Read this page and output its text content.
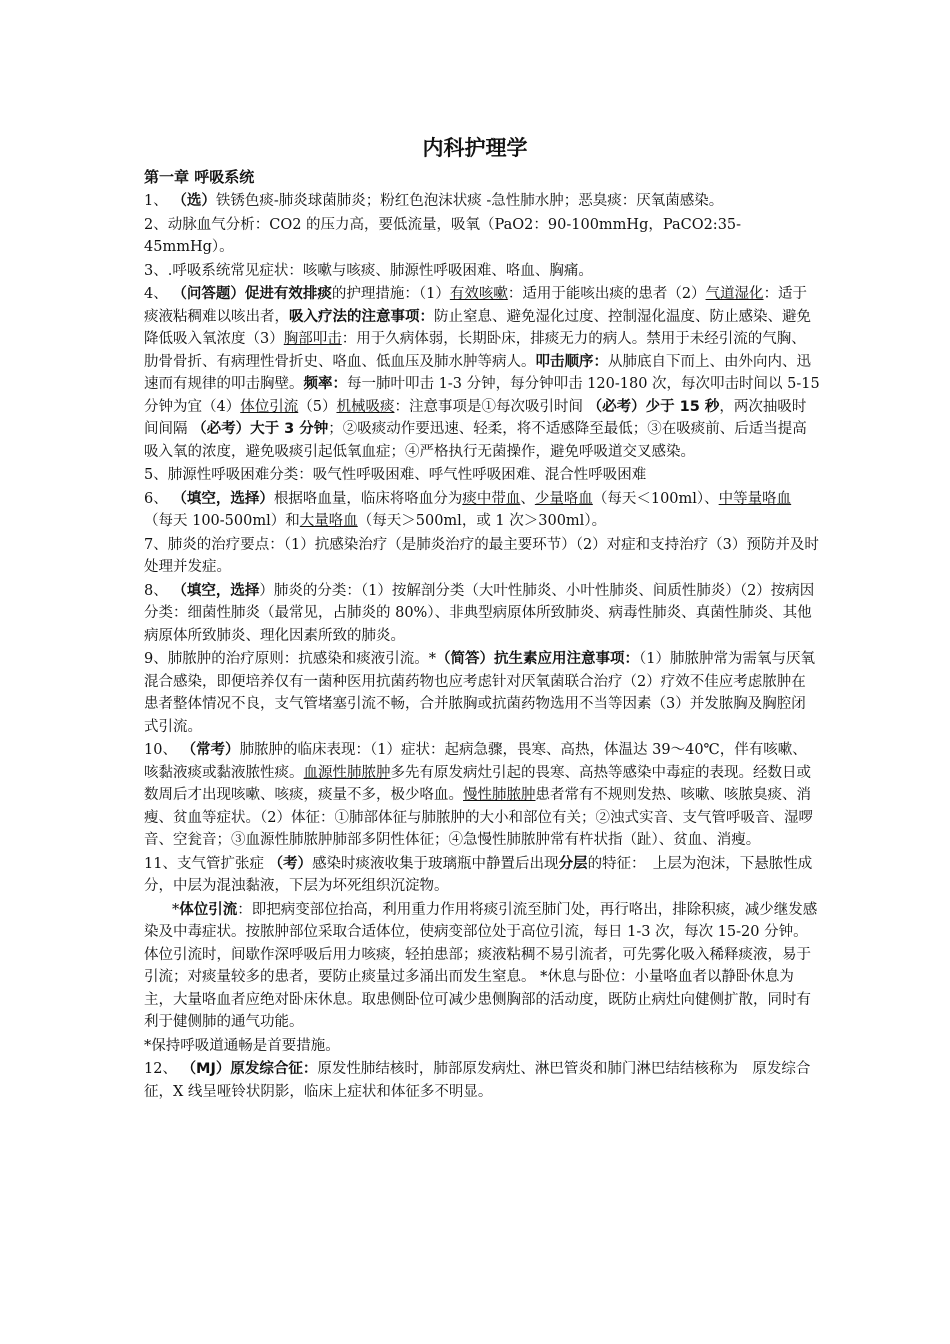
内科护理学
第一章 呼吸系统

1、 （选）铁锈色痰-肺炎球菌肺炎；粉红色泡沫状痰 -急性肺水肿；恶臭痰：厌氧菌感染。

2、动脉血气分析：CO2 的压力高，要低流量，吸氧（PaO2：90-100mmHg，PaCO2:35-45mmHg）。

3、.呼吸系统常见症状：咳嗽与咳痰、肺源性呼吸困难、咯血、胸痛。

4、 （问答题）促进有效排痰的护理措施：（1）有效咳嗽：适用于能咳出痰的患者（2）气道湿化：适于痰液粘稠难以咳出者，吸入疗法的注意事项：防止窒息、避免湿化过度、控制湿化温度、防止感染、避免降低吸入氧浓度（3）胸部叩击：用于久病体弱，长期卧床，排痰无力的病人。禁用于未经引流的气胸、肋骨骨折、有病理性骨折史、咯血、低血压及肺水肿等病人。叩击顺序：从肺底自下而上、由外向内、迅速而有规律的叩击胸壁。频率：每一肺叶叩击 1-3 分钟，每分钟叩击 120-180 次，每次叩击时间以 5-15 分钟为宜（4）体位引流（5）机械吸痰：注意事项是①每次吸引时间 （必考）少于 15 秒，两次抽吸时间间隔 （必考）大于 3 分钟；②吸痰动作要迅速、轻柔，将不适感降至最低；③在吸痰前、后适当提高吸入氧的浓度，避免吸痰引起低氧血症；④严格执行无菌操作，避免呼吸道交叉感染。

5、肺源性呼吸困难分类：吸气性呼吸困难、呼气性呼吸困难、混合性呼吸困难

6、 （填空，选择）根据咯血量，临床将咯血分为痰中带血、少量咯血（每天＜100ml）、中等量咯血（每天 100-500ml）和大量咯血（每天＞500ml，或 1 次＞300ml）。

7、肺炎的治疗要点：（1）抗感染治疗（是肺炎治疗的最主要环节）（2）对症和支持治疗（3）预防并及时处理并发症。

8、 （填空，选择）肺炎的分类：（1）按解剖分类（大叶性肺炎、小叶性肺炎、间质性肺炎）（2）按病因分类：细菌性肺炎（最常见，占肺炎的 80%）、非典型病原体所致肺炎、病毒性肺炎、真菌性肺炎、其他病原体所致肺炎、理化因素所致的肺炎。

9、肺脓肿的治疗原则：抗感染和痰液引流。*（简答）抗生素应用注意事项：（1）肺脓肿常为需氧与厌氧混合感染，即便培养仅有一菌种医用抗菌药物也应考虑针对厌氧菌联合治疗（2）疗效不佳应考虑脓肿在患者整体情况不良，支气管堵塞引流不畅，合并脓胸或抗菌药物选用不当等因素（3）并发脓胸及胸腔闭式引流。

10、 （常考）肺脓肿的临床表现：（1）症状：起病急骤，畏寒、高热，体温达 39～40℃，伴有咳嗽、咳黏液痰或黏液脓性痰。血源性肺脓肿多先有原发病灶引起的畏寒、高热等感染中毒症的表现。经数日或数周后才出现咳嗽、咳痰，痰量不多，极少咯血。慢性肺脓肿患者常有不规则发热、咳嗽、咳脓臭痰、消瘦、贫血等症状。（2）体征：①肺部体征与肺脓肿的大小和部位有关；②浊式实音、支气管呼吸音、湿啰音、空瓮音；③血源性肺脓肿肺部多阴性体征；④急慢性肺脓肿常有杵状指（趾）、贫血、消瘦。

11、支气管扩张症 （考）感染时痰液收集于玻璃瓶中静置后出现分层的特征：　上层为泡沫，下悬脓性成分，中层为混浊黏液，下层为坏死组织沉淀物。

*体位引流：即把病变部位抬高，利用重力作用将痰引流至肺门处，再行咯出，排除积痰，减少继发感染及中毒症状。按脓肿部位采取合适体位，使病变部位处于高位引流，每日 1-3 次，每次 15-20 分钟。体位引流时，间歇作深呼吸后用力咳痰，轻拍患部；痰液粘稠不易引流者，可先雾化吸入稀释痰液，易于引流；对痰量较多的患者，要防止痰量过多涌出而发生窒息。 *休息与卧位：小量咯血者以静卧休息为主，大量咯血者应绝对卧床休息。取患侧卧位可减少患侧胸部的活动度，既防止病灶向健侧扩散，同时有利于健侧肺的通气功能。

*保持呼吸道通畅是首要措施。

12、 （MJ）原发综合征：原发性肺结核时，肺部原发病灶、淋巴管炎和肺门淋巴结结核称为　原发综合征，X 线呈哑铃状阴影，临床上症状和体征多不明显。
